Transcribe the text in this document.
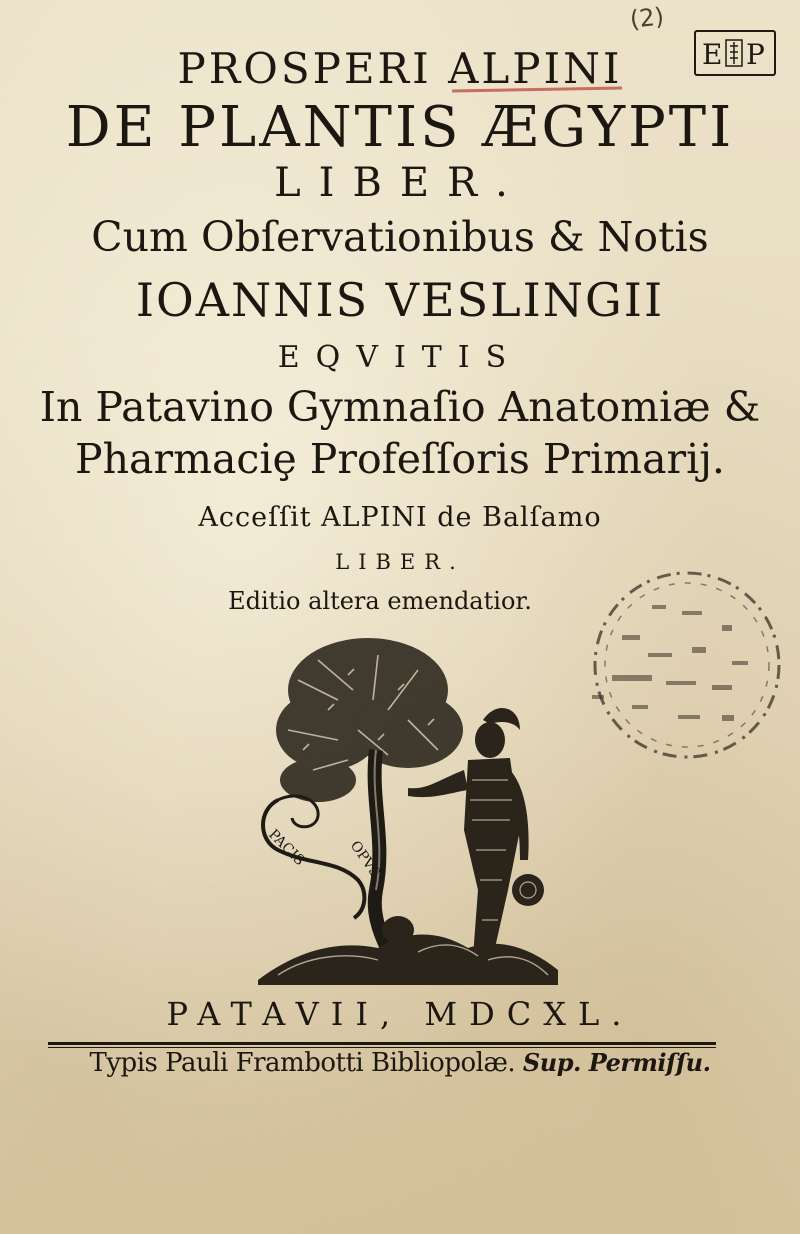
(2)
E P
PROSPERI ALPINI
DE PLANTIS ÆGYPTI
LIBER.
Cum Obſervationibus & Notis
IOANNIS VESLINGII
EQVITIS
In Patavino Gymnaſio Anatomiæ &
Pharmaciȩ Profeſſoris Primarij.
Acceſſit ALPINI de Balſamo
LIBER.
Editio altera emendatior.
PACIS	OPVS
PATAVII, MDCXL.
Typis Pauli Frambotti Bibliopolæ. Sup. Permiſſu.
